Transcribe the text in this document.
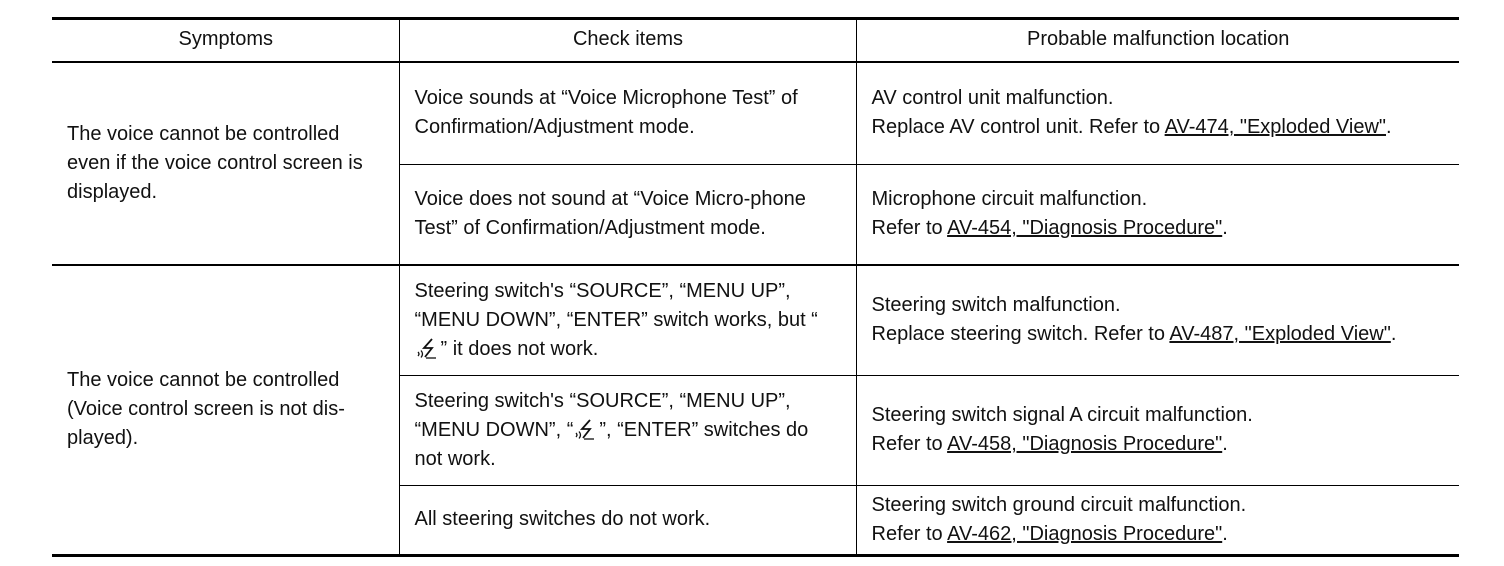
Symptoms	Check items	Probable malfunction location
The voice cannot be controlled even if the voice control screen is displayed.	Voice sounds at “Voice Microphone Test” of Confirmation/Adjustment mode.	AV control unit malfunction.
Replace AV control unit. Refer to AV-474, "Exploded View".
	Voice does not sound at “Voice Micro-phone Test” of Confirmation/Adjustment mode.	Microphone circuit malfunction.
Refer to AV-454, "Diagnosis Procedure".
The voice cannot be controlled (Voice control screen is not dis-played).	Steering switch's “SOURCE”, “MENU UP”, “MENU DOWN”, “ENTER” switch works, but “” it does not work.	Steering switch malfunction.
Replace steering switch. Refer to AV-487, "Exploded View".
	Steering switch's “SOURCE”, “MENU UP”, “MENU DOWN”, “ ”, “ENTER” switches do not work.	Steering switch signal A circuit malfunction.
Refer to AV-458, "Diagnosis Procedure".
	All steering switches do not work.	Steering switch ground circuit malfunction.
Refer to AV-462, "Diagnosis Procedure".
